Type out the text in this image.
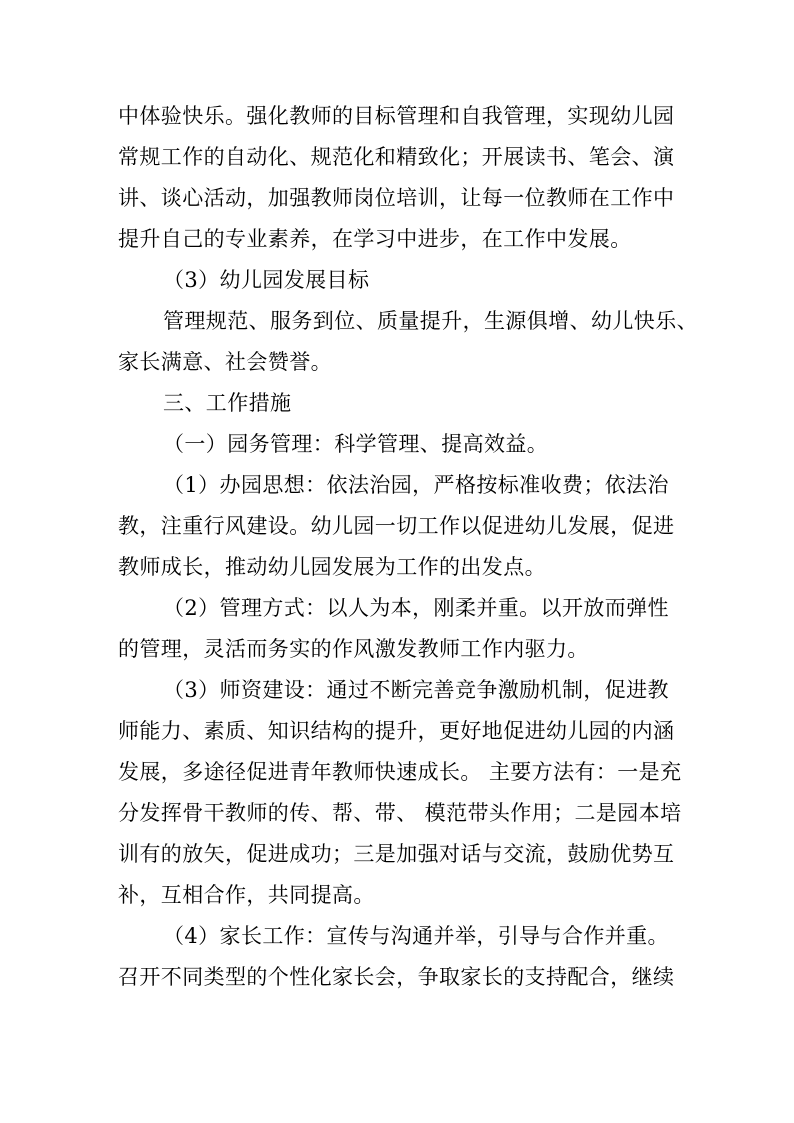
中体验快乐。强化教师的目标管理和自我管理，实现幼儿园
常规工作的自动化、规范化和精致化；开展读书、笔会、演
讲、谈心活动，加强教师岗位培训，让每一位教师在工作中
提升自己的专业素养，在学习中进步，在工作中发展。
（3）幼儿园发展目标
管理规范、服务到位、质量提升，生源俱增、幼儿快乐、
家长满意、社会赞誉。
三、工作措施
（一）园务管理：科学管理、提高效益。
（1）办园思想：依法治园，严格按标准收费；依法治
教，注重行风建设。幼儿园一切工作以促进幼儿发展，促进
教师成长，推动幼儿园发展为工作的出发点。
（2）管理方式：以人为本，刚柔并重。以开放而弹性
的管理，灵活而务实的作风激发教师工作内驱力。
（3）师资建设：通过不断完善竞争激励机制，促进教
师能力、素质、知识结构的提升，更好地促进幼儿园的内涵
发展，多途径促进青年教师快速成长。 主要方法有：一是充
分发挥骨干教师的传、帮、带、 模范带头作用；二是园本培
训有的放矢，促进成功；三是加强对话与交流，鼓励优势互
补，互相合作，共同提高。
（4）家长工作：宣传与沟通并举，引导与合作并重。
召开不同类型的个性化家长会，争取家长的支持配合，继续
